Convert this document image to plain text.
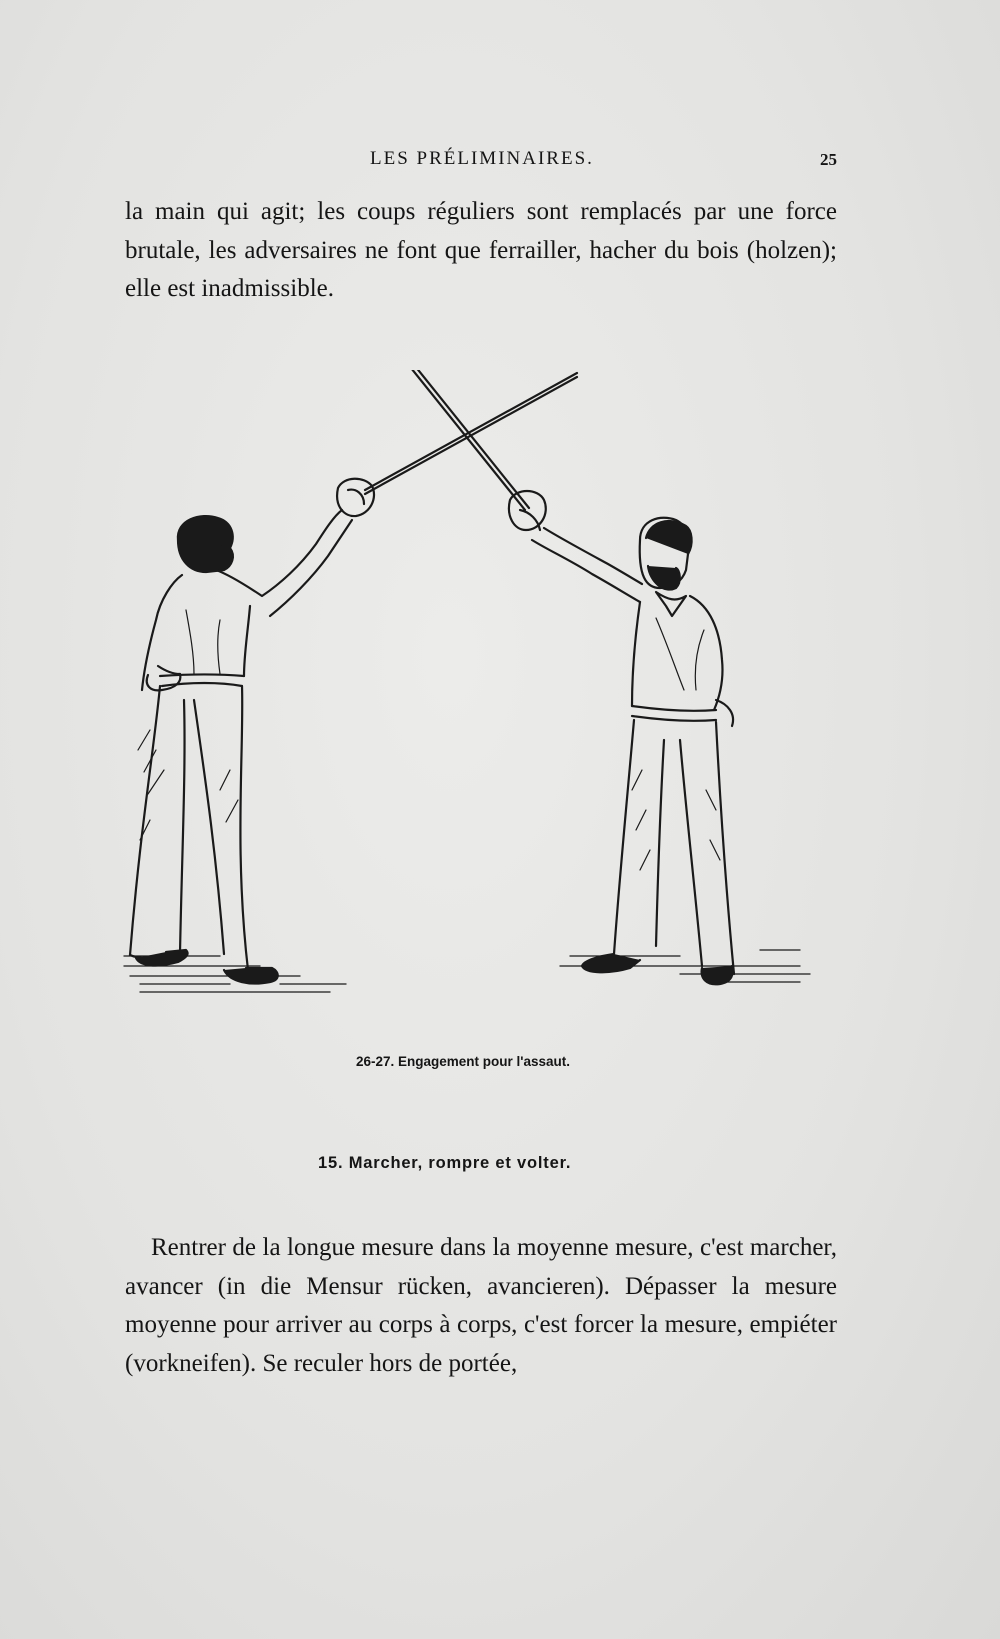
LES PRÉLIMINAIRES.	25

la main qui agit; les coups réguliers sont remplacés par une force brutale, les adversaires ne font que ferrailler, hacher du bois (holzen); elle est inadmissible.

26-27. Engagement pour l'assaut.
15. Marcher, rompre et volter.

Rentrer de la longue mesure dans la moyenne mesure, c'est marcher, avancer (in die Mensur rücken, avancieren). Dépasser la mesure moyenne pour arriver au corps à corps, c'est forcer la mesure, empiéter (vorkneifen). Se reculer hors de portée,
